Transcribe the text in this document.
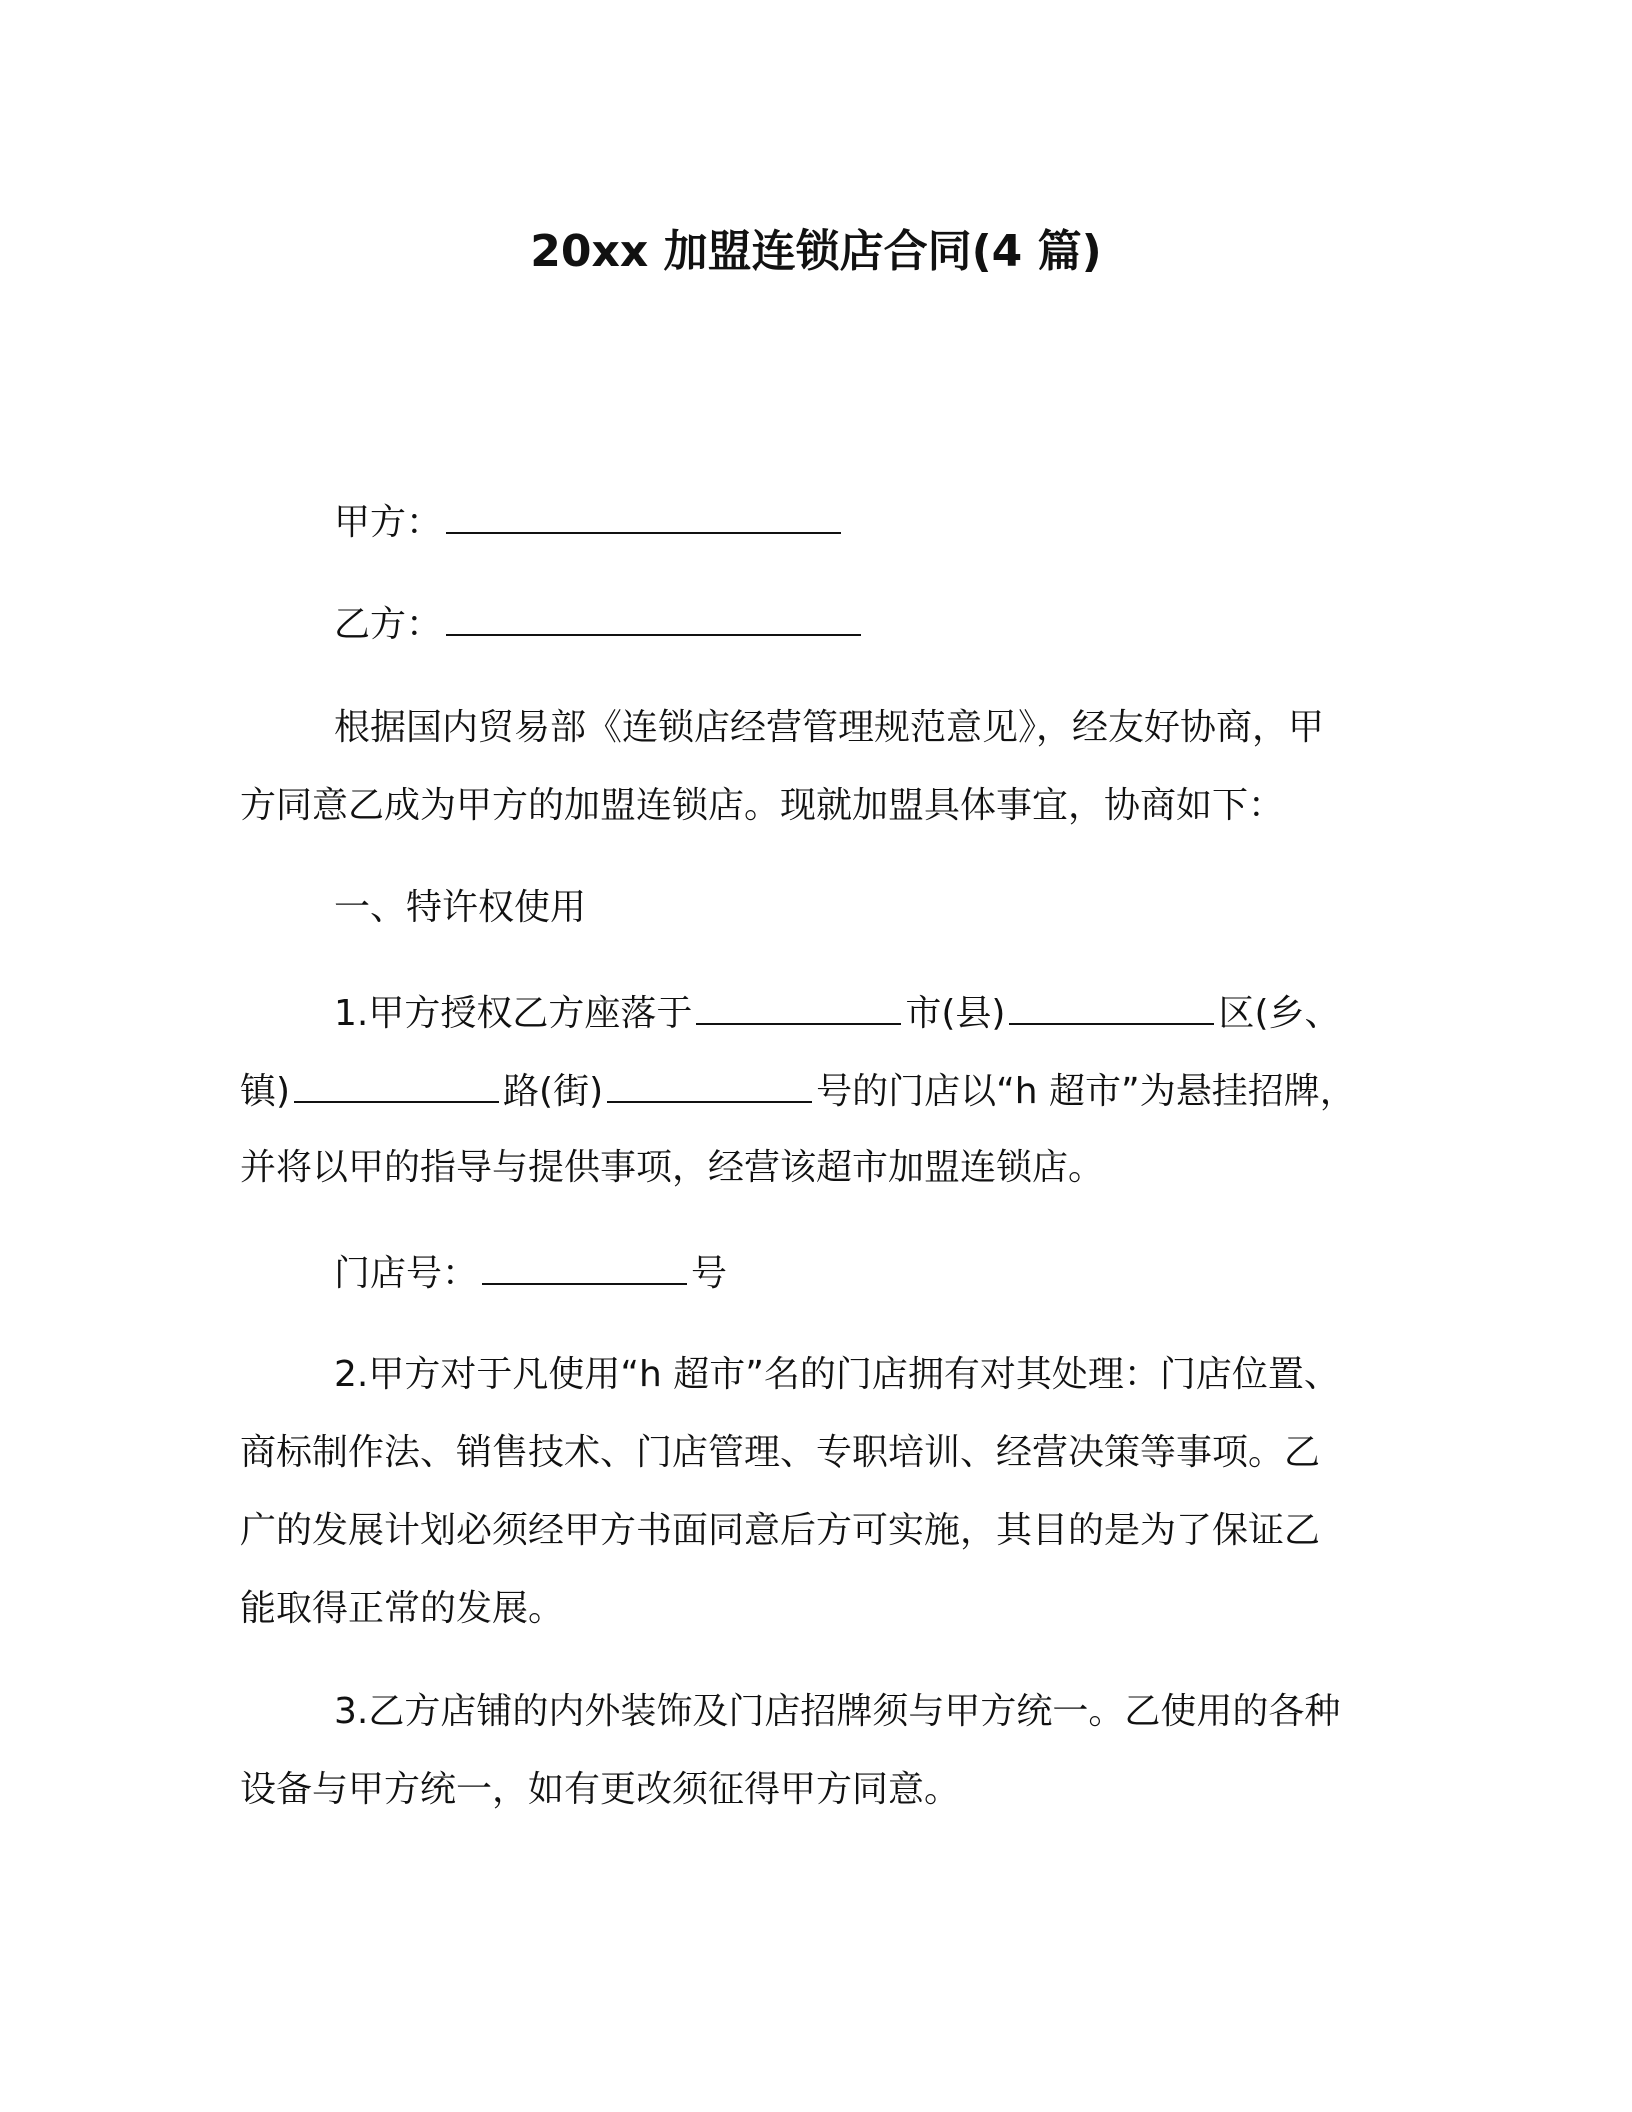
20xx 加盟连锁店合同(4 篇)
甲方：
乙方：
根据国内贸易部《连锁店经营管理规范意见》，经友好协商，甲
方同意乙成为甲方的加盟连锁店。现就加盟具体事宜，协商如下：
一、特许权使用
1.甲方授权乙方座落于	市(县)	区(乡、
镇)	路(街)	号的门店以“h 超市”为悬挂招牌，
并将以甲的指导与提供事项，经营该超市加盟连锁店。
门店号：	号
2.甲方对于凡使用“h 超市”名的门店拥有对其处理：门店位置、
商标制作法、销售技术、门店管理、专职培训、经营决策等事项。乙
广的发展计划必须经甲方书面同意后方可实施，其目的是为了保证乙
能取得正常的发展。
3.乙方店铺的内外装饰及门店招牌须与甲方统一。乙使用的各种
设备与甲方统一，如有更改须征得甲方同意。
